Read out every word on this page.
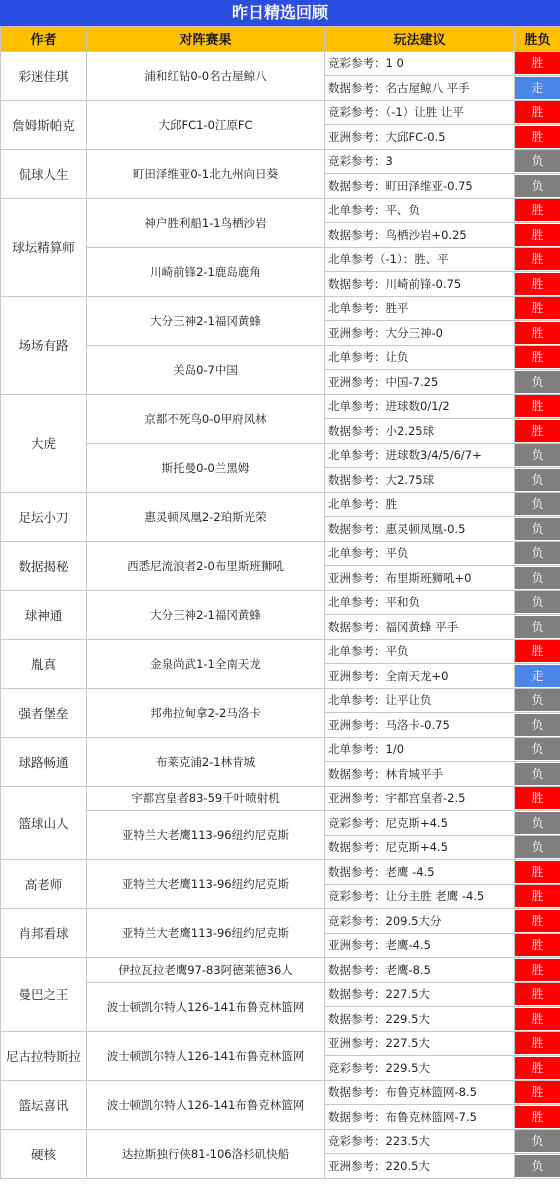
昨日精选回顾
作者	对阵赛果	玩法建议	胜负
彩迷佳琪	浦和红钻0-0名古屋鲸八	竞彩参考：1 0	胜

		数据参考：名古屋鲸八 平手	走

詹姆斯帕克	大邱FC1-0江原FC	竞彩参考：（-1）让胜 让平	胜

		亚洲参考：大邱FC-0.5	胜

侃球人生	町田泽维亚0-1北九州向日葵	竞彩参考：3	负

		数据参考：町田泽维亚-0.75	负

球坛精算师	神户胜利船1-1鸟栖沙岩	北单参考：平、负	胜

		数据参考：鸟栖沙岩+0.25	胜

	川崎前锋2-1鹿岛鹿角	北单参考（-1）：胜、平	胜

		数据参考：川崎前锋-0.75	胜

场场有路	大分三神2-1福冈黄蜂	北单参考：胜平	胜

		亚洲参考：大分三神-0	胜

	关岛0-7中国	北单参考：让负	胜

		亚洲参考：中国-7.25	负

大虎	京都不死鸟0-0甲府风林	北单参考：进球数0/1/2	胜

		数据参考：小2.25球	胜

	斯托曼0-0兰黑姆	北单参考：进球数3/4/5/6/7+	负

		数据参考：大2.75球	负

足坛小刀	惠灵顿凤凰2-2珀斯光荣	北单参考：胜	负

		数据参考：惠灵顿凤凰-0.5	负

数据揭秘	西悉尼流浪者2-0布里斯班狮吼	北单参考：平负	负

		亚洲参考：布里斯班狮吼+0	负

球神通	大分三神2-1福冈黄蜂	北单参考：平和负	负

		数据参考：福冈黄蜂 平手	负

胤真	金泉尚武1-1全南天龙	北单参考：平负	胜

		亚洲参考：全南天龙+0	走

强者堡垒	邦弗拉甸拿2-2马洛卡	北单参考：让平让负	负

		亚洲参考：马洛卡-0.75	负

球路畅通	布莱克浦2-1林肯城	北单参考：1/0	负

		数据参考：林肯城平手	负

篮球山人	宇都宫皇者83-59千叶喷射机	亚洲参考：宇都宫皇者-2.5	胜

	亚特兰大老鹰113-96纽约尼克斯	竞彩参考：尼克斯+4.5	负

		数据参考：尼克斯+4.5	负

高老师	亚特兰大老鹰113-96纽约尼克斯	数据参考：老鹰 -4.5	胜

		竞彩参考：让分主胜 老鹰 -4.5	胜

肖邦看球	亚特兰大老鹰113-96纽约尼克斯	竞彩参考：209.5大分	胜

		亚洲参考：老鹰-4.5	胜

曼巴之王	伊拉瓦拉老鹰97-83阿德莱德36人	数据参考：老鹰-8.5	胜

	波士顿凯尔特人126-141布鲁克林篮网	数据参考：227.5大	胜

		数据参考：229.5大	胜

尼古拉特斯拉	波士顿凯尔特人126-141布鲁克林篮网	亚洲参考：227.5大	胜

		竞彩参考：229.5大	胜

篮坛喜讯	波士顿凯尔特人126-141布鲁克林篮网	数据参考：布鲁克林篮网-8.5	胜

		数据参考：布鲁克林篮网-7.5	胜

硬核	达拉斯独行侠81-106洛杉矶快船	竞彩参考：223.5大	负

		亚洲参考：220.5大	负
